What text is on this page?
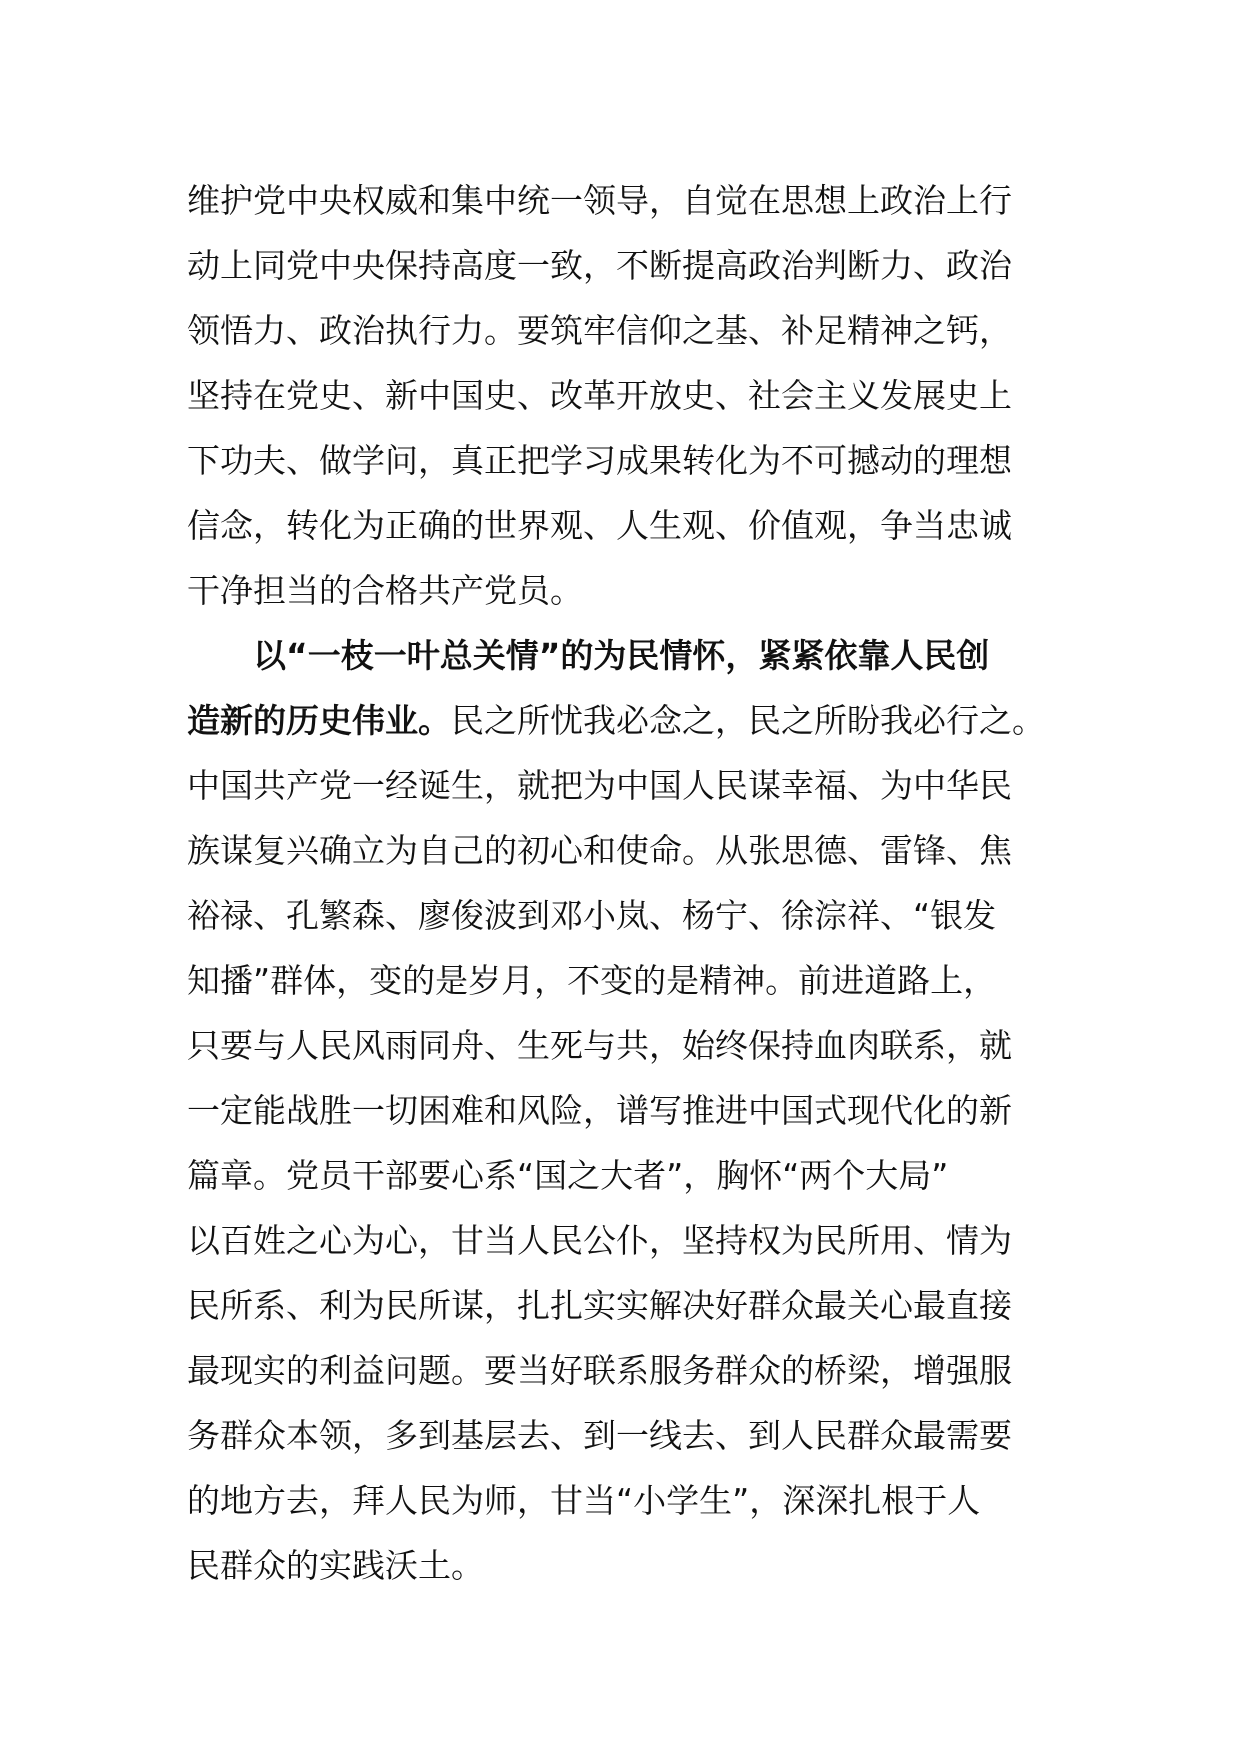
维护党中央权威和集中统一领导，自觉在思想上政治上行
动上同党中央保持高度一致，不断提高政治判断力、政治
领悟力、政治执行力。要筑牢信仰之基、补足精神之钙，
坚持在党史、新中国史、改革开放史、社会主义发展史上
下功夫、做学问，真正把学习成果转化为不可撼动的理想
信念，转化为正确的世界观、人生观、价值观，争当忠诚
干净担当的合格共产党员。
以“一枝一叶总关情”的为民情怀，紧紧依靠人民创
造新的历史伟业。民之所忧我必念之，民之所盼我必行之。
中国共产党一经诞生，就把为中国人民谋幸福、为中华民
族谋复兴确立为自己的初心和使命。从张思德、雷锋、焦
裕禄、孔繁森、廖俊波到邓小岚、杨宁、徐淙祥、“银发
知播”群体，变的是岁月，不变的是精神。前进道路上，
只要与人民风雨同舟、生死与共，始终保持血肉联系，就
一定能战胜一切困难和风险，谱写推进中国式现代化的新
篇章。党员干部要心系“国之大者”，胸怀“两个大局”
以百姓之心为心，甘当人民公仆，坚持权为民所用、情为
民所系、利为民所谋，扎扎实实解决好群众最关心最直接
最现实的利益问题。要当好联系服务群众的桥梁，增强服
务群众本领，多到基层去、到一线去、到人民群众最需要
的地方去，拜人民为师，甘当“小学生”，深深扎根于人
民群众的实践沃土。
